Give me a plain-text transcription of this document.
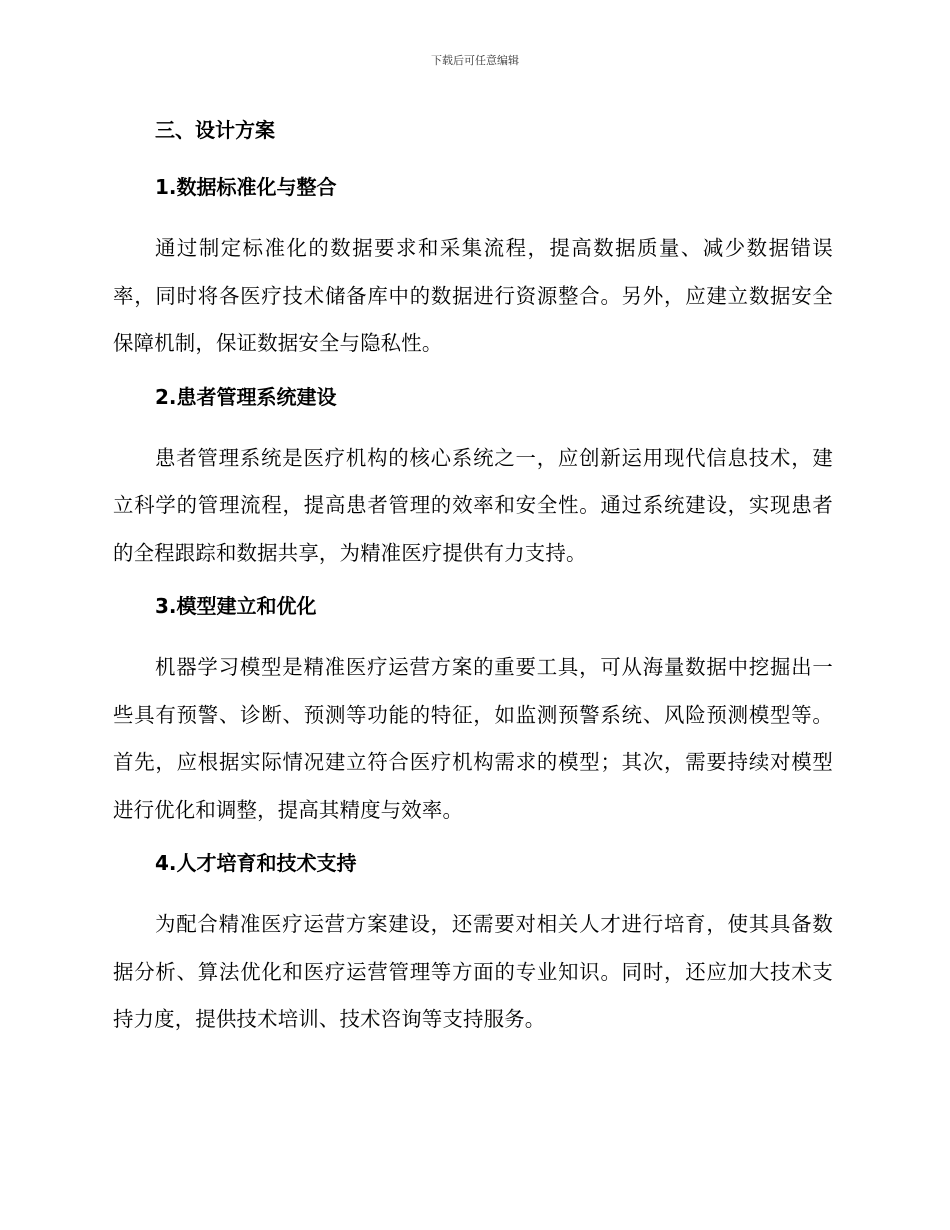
下载后可任意编辑
三、设计方案
1.数据标准化与整合
通过制定标准化的数据要求和采集流程，提高数据质量、减少数据错误率，同时将各医疗技术储备库中的数据进行资源整合。另外，应建立数据安全保障机制，保证数据安全与隐私性。
2.患者管理系统建设
患者管理系统是医疗机构的核心系统之一，应创新运用现代信息技术，建立科学的管理流程，提高患者管理的效率和安全性。通过系统建设，实现患者的全程跟踪和数据共享，为精准医疗提供有力支持。
3.模型建立和优化
机器学习模型是精准医疗运营方案的重要工具，可从海量数据中挖掘出一些具有预警、诊断、预测等功能的特征，如监测预警系统、风险预测模型等。首先，应根据实际情况建立符合医疗机构需求的模型；其次，需要持续对模型进行优化和调整，提高其精度与效率。
4.人才培育和技术支持
为配合精准医疗运营方案建设，还需要对相关人才进行培育，使其具备数据分析、算法优化和医疗运营管理等方面的专业知识。同时，还应加大技术支持力度，提供技术培训、技术咨询等支持服务。
